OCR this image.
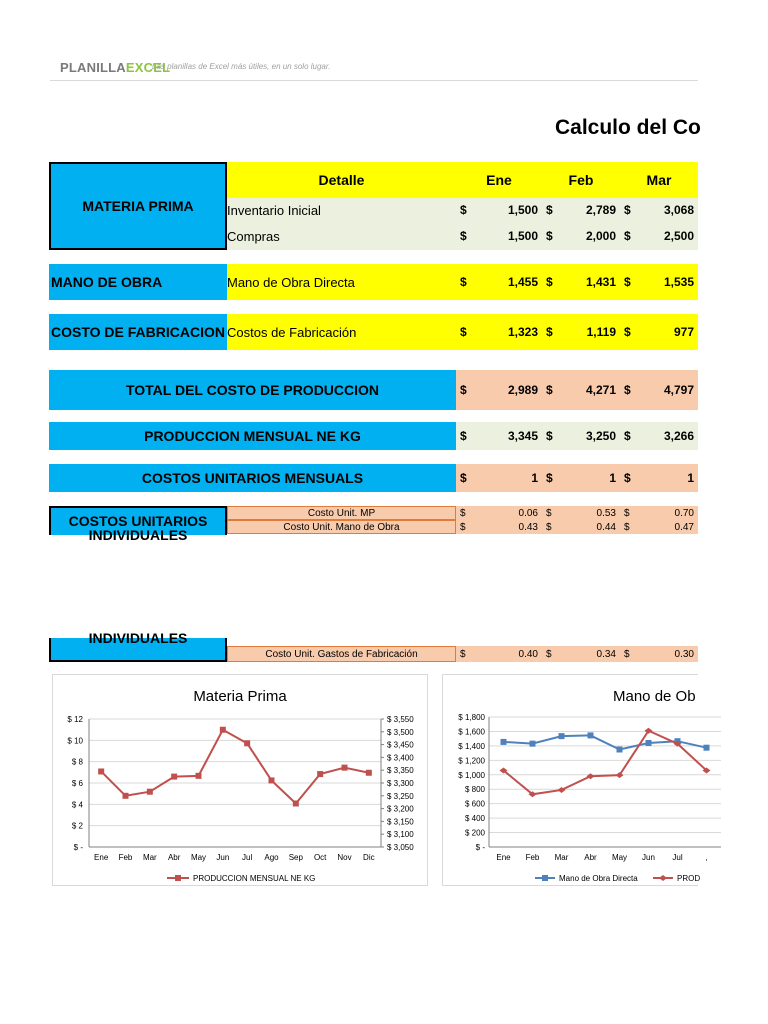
PLANILLAEXCEL
Las planillas de Excel más útiles, en un solo lugar.
Calculo del Co
MATERIA PRIMA
Detalle	Ene	Feb	Mar
Inventario Inicial	$	1,500 $	2,789 $	3,068
Compras	$	1,500 $	2,000 $	2,500
MANO DE OBRA	Mano de Obra Directa	$	1,455 $	1,431 $	1,535
COSTO DE FABRICACION Costos de Fabricación	$	1,323 $	1,119 $	977
TOTAL DEL COSTO DE PRODUCCION	$	2,989 $	4,271 $	4,797
PRODUCCION MENSUAL NE KG	$	3,345 $	3,250 $	3,266
COSTOS UNITARIOS MENSUALS	$	1 $	1 $	1
COSTOS UNITARIOS
INDIVIDUALES
Costo Unit. MP	$	0.06 $	0.53 $	0.70
Costo Unit. Mano de Obra	$	0.43 $	0.44 $	0.47
INDIVIDUALES
Costo Unit. Gastos de Fabricación	$	0.40 $	0.34 $	0.30
Materia Prima
$ 12
$ 10
$ 8
$ 6
$ 4
$ 2
$ -
$ 3,550
$ 3,500
$ 3,450
$ 3,400
$ 3,350
$ 3,300
$ 3,250
$ 3,200
$ 3,150
$ 3,100
$ 3,050
Ene Feb Mar Abr May Jun Jul Ago Sep Oct Nov Dic
PRODUCCION MENSUAL NE KG
Mano de Ob
$ 1,800
$ 1,600
$ 1,400
$ 1,200
$ 1,000
$ 800
$ 600
$ 400
$ 200
$ -
Ene Feb Mar Abr May Jun Jul	,
Mano de Obra Directa	PROD
